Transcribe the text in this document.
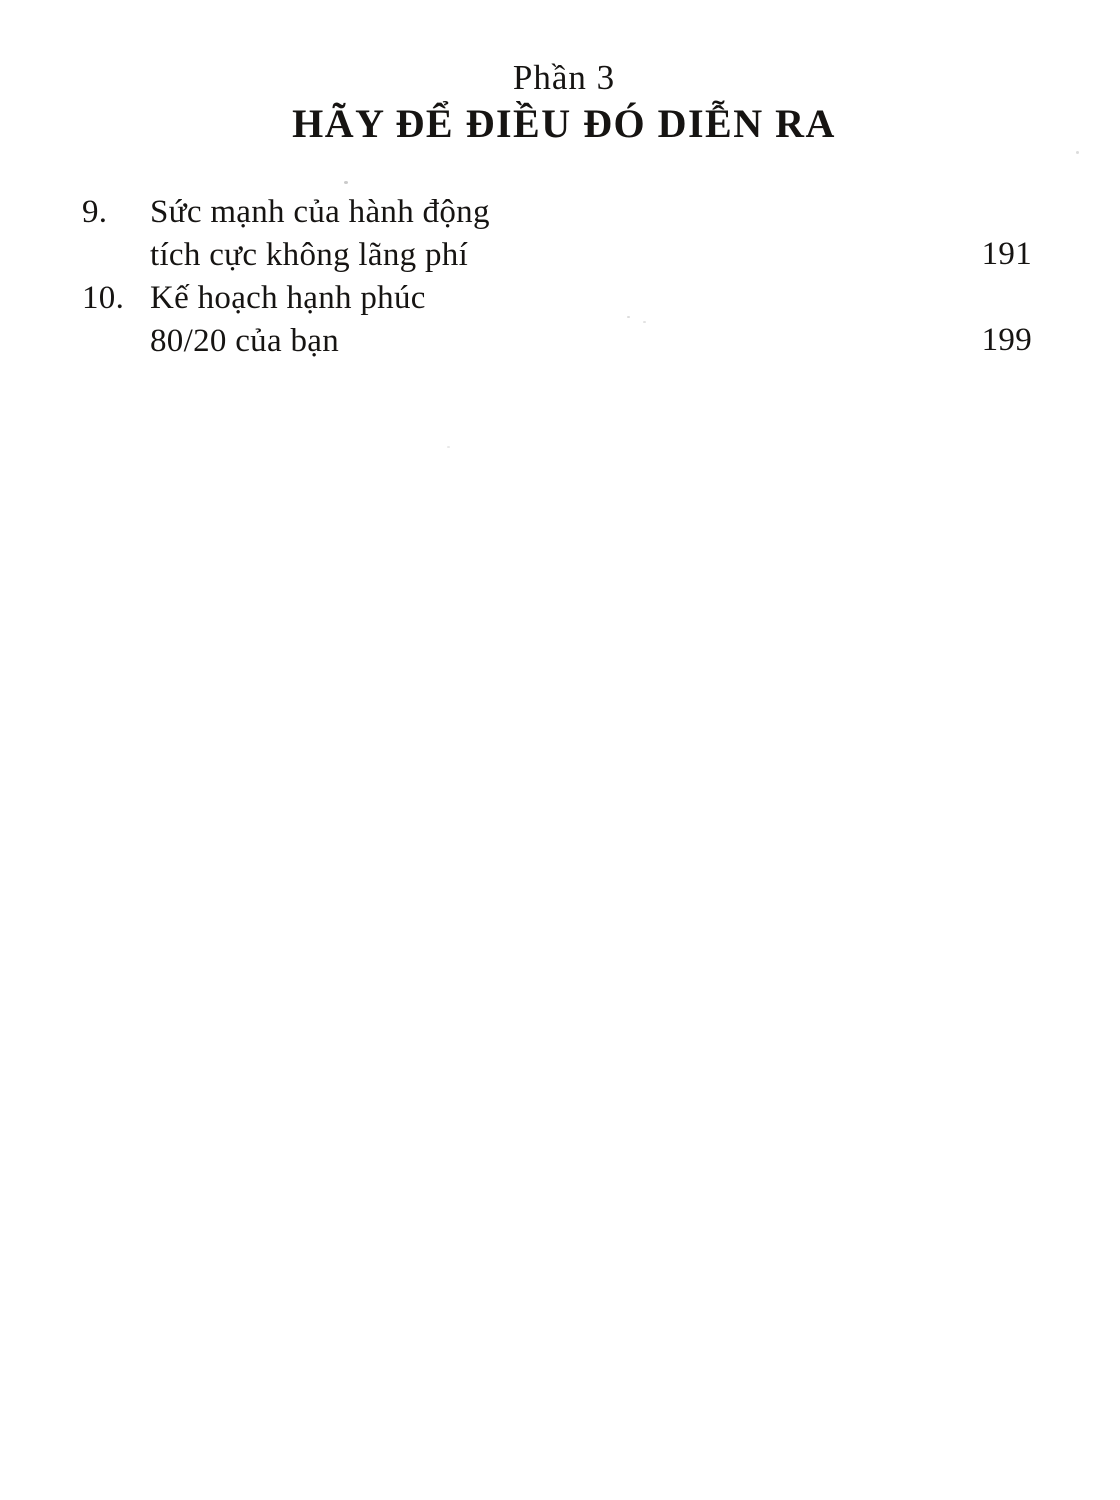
Phần 3
HÃY ĐỂ ĐIỀU ĐÓ DIỄN RA
9.	Sức mạnh của hành động
tích cực không lãng phí	191
10. Kế hoạch hạnh phúc
80/20 của bạn	199
